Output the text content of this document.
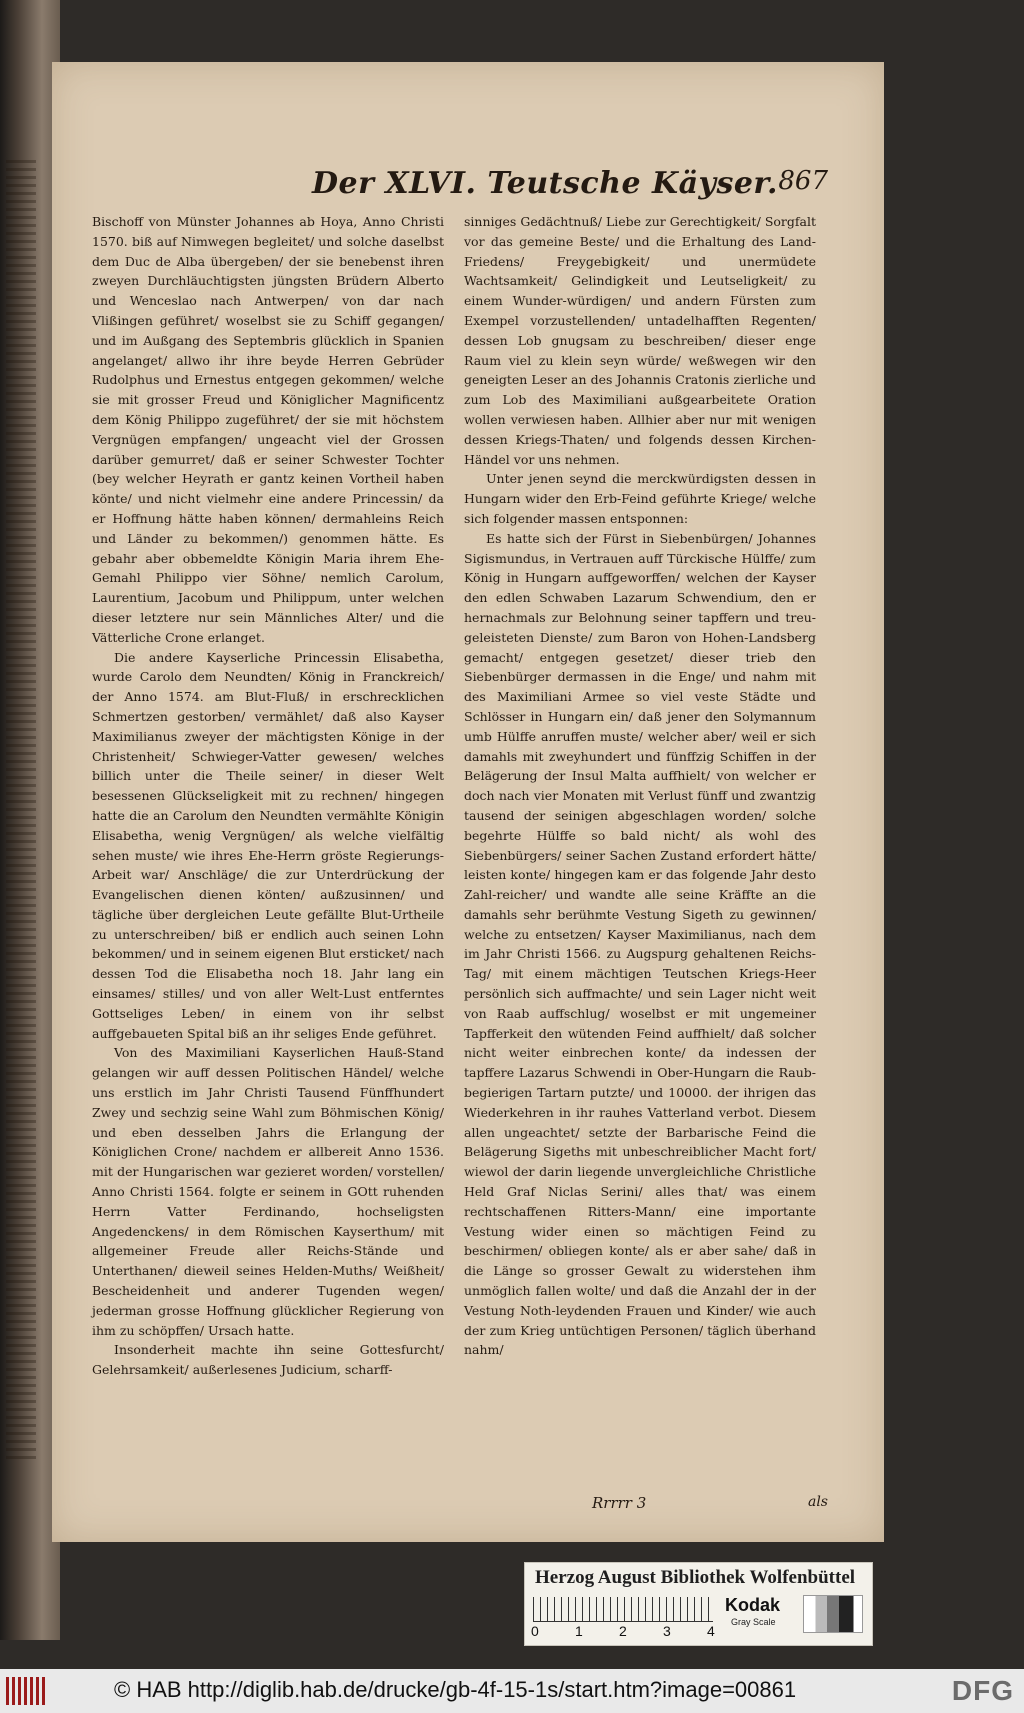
Der XLVI. Teutsche Käyser. 867

Bischoff von Münster Johannes ab Hoya, Anno Christi 1570. biß auf Nimwegen begleitet/ und solche daselbst dem Duc de Alba übergeben/ der sie benebenst ihren zweyen Durchläuchtigsten jüngsten Brüdern Alberto und Wenceslao nach Antwerpen/ von dar nach Vlißingen geführet/ woselbst sie zu Schiff gegangen/ und im Außgang des Septembris glücklich in Spanien angelanget/ allwo ihr ihre beyde Herren Gebrüder Rudolphus und Ernestus entgegen gekommen/ welche sie mit grosser Freud und Königlicher Magnificentz dem König Philippo zugeführet/ der sie mit höchstem Vergnügen empfangen/ ungeacht viel der Grossen darüber gemurret/ daß er seiner Schwester Tochter (bey welcher Heyrath er gantz keinen Vortheil haben könte/ und nicht vielmehr eine andere Princessin/ da er Hoffnung hätte haben können/ dermahleins Reich und Länder zu bekommen/) genommen hätte. Es gebahr aber obbemeldte Königin Maria ihrem Ehe-Gemahl Philippo vier Söhne/ nemlich Carolum, Laurentium, Jacobum und Philippum, unter welchen dieser letztere nur sein Männliches Alter/ und die Vätterliche Crone erlanget.

Die andere Kayserliche Princessin Elisabetha, wurde Carolo dem Neundten/ König in Franckreich/ der Anno 1574. am Blut-Fluß/ in erschrecklichen Schmertzen gestorben/ vermählet/ daß also Kayser Maximilianus zweyer der mächtigsten Könige in der Christenheit/ Schwieger-Vatter gewesen/ welches billich unter die Theile seiner/ in dieser Welt besessenen Glückseligkeit mit zu rechnen/ hingegen hatte die an Carolum den Neundten vermählte Königin Elisabetha, wenig Vergnügen/ als welche vielfältig sehen muste/ wie ihres Ehe-Herrn gröste Regierungs-Arbeit war/ Anschläge/ die zur Unterdrückung der Evangelischen dienen könten/ außzusinnen/ und tägliche über dergleichen Leute gefällte Blut-Urtheile zu unterschreiben/ biß er endlich auch seinen Lohn bekommen/ und in seinem eigenen Blut ersticket/ nach dessen Tod die Elisabetha noch 18. Jahr lang ein einsames/ stilles/ und von aller Welt-Lust entferntes Gottseliges Leben/ in einem von ihr selbst auffgebaueten Spital biß an ihr seliges Ende geführet.

Von des Maximiliani Kayserlichen Hauß-Stand gelangen wir auff dessen Politischen Händel/ welche uns erstlich im Jahr Christi Tausend Fünffhundert Zwey und sechzig seine Wahl zum Böhmischen König/ und eben desselben Jahrs die Erlangung der Königlichen Crone/ nachdem er allbereit Anno 1536. mit der Hungarischen war gezieret worden/ vorstellen/ Anno Christi 1564. folgte er seinem in GOtt ruhenden Herrn Vatter Ferdinando, hochseligsten Angedenckens/ in dem Römischen Kayserthum/ mit allgemeiner Freude aller Reichs-Stände und Unterthanen/ dieweil seines Helden-Muths/ Weißheit/ Bescheidenheit und anderer Tugenden wegen/ jederman grosse Hoffnung glücklicher Regierung von ihm zu schöpffen/ Ursach hatte.

Insonderheit machte ihn seine Gottesfurcht/ Gelehrsamkeit/ außerlesenes Judicium, scharff-

sinniges Gedächtnuß/ Liebe zur Gerechtigkeit/ Sorgfalt vor das gemeine Beste/ und die Erhaltung des Land-Friedens/ Freygebigkeit/ und unermüdete Wachtsamkeit/ Gelindigkeit und Leutseligkeit/ zu einem Wunder-würdigen/ und andern Fürsten zum Exempel vorzustellenden/ untadelhafften Regenten/ dessen Lob gnugsam zu beschreiben/ dieser enge Raum viel zu klein seyn würde/ weßwegen wir den geneigten Leser an des Johannis Cratonis zierliche und zum Lob des Maximiliani außgearbeitete Oration wollen verwiesen haben. Allhier aber nur mit wenigen dessen Kriegs-Thaten/ und folgends dessen Kirchen-Händel vor uns nehmen.

Unter jenen seynd die merckwürdigsten dessen in Hungarn wider den Erb-Feind geführte Kriege/ welche sich folgender massen entsponnen:

Es hatte sich der Fürst in Siebenbürgen/ Johannes Sigismundus, in Vertrauen auff Türckische Hülffe/ zum König in Hungarn auffgeworffen/ welchen der Kayser den edlen Schwaben Lazarum Schwendium, den er hernachmals zur Belohnung seiner tapffern und treu-geleisteten Dienste/ zum Baron von Hohen-Landsberg gemacht/ entgegen gesetzet/ dieser trieb den Siebenbürger dermassen in die Enge/ und nahm mit des Maximiliani Armee so viel veste Städte und Schlösser in Hungarn ein/ daß jener den Solymannum umb Hülffe anruffen muste/ welcher aber/ weil er sich damahls mit zweyhundert und fünffzig Schiffen in der Belägerung der Insul Malta auffhielt/ von welcher er doch nach vier Monaten mit Verlust fünff und zwantzig tausend der seinigen abgeschlagen worden/ solche begehrte Hülffe so bald nicht/ als wohl des Siebenbürgers/ seiner Sachen Zustand erfordert hätte/ leisten konte/ hingegen kam er das folgende Jahr desto Zahl-reicher/ und wandte alle seine Kräffte an die damahls sehr berühmte Vestung Sigeth zu gewinnen/ welche zu entsetzen/ Kayser Maximilianus, nach dem im Jahr Christi 1566. zu Augspurg gehaltenen Reichs-Tag/ mit einem mächtigen Teutschen Kriegs-Heer persönlich sich auffmachte/ und sein Lager nicht weit von Raab auffschlug/ woselbst er mit ungemeiner Tapfferkeit den wütenden Feind auffhielt/ daß solcher nicht weiter einbrechen konte/ da indessen der tapffere Lazarus Schwendi in Ober-Hungarn die Raub-begierigen Tartarn putzte/ und 10000. der ihrigen das Wiederkehren in ihr rauhes Vatterland verbot. Diesem allen ungeachtet/ setzte der Barbarische Feind die Belägerung Sigeths mit unbeschreiblicher Macht fort/ wiewol der darin liegende unvergleichliche Christliche Held Graf Niclas Serini/ alles that/ was einem rechtschaffenen Ritters-Mann/ eine importante Vestung wider einen so mächtigen Feind zu beschirmen/ obliegen konte/ als er aber sahe/ daß in die Länge so grosser Gewalt zu widerstehen ihm unmöglich fallen wolte/ und daß die Anzahl der in der Vestung Noth-leydenden Frauen und Kinder/ wie auch der zum Krieg untüchtigen Personen/ täglich überhand nahm/

Rrrrr 3	als
Herzog August Bibliothek Wolfenbüttel
0	1	2	3	4
Kodak
Gray Scale
© HAB http://diglib.hab.de/drucke/gb-4f-15-1s/start.htm?image=00861	DFG
